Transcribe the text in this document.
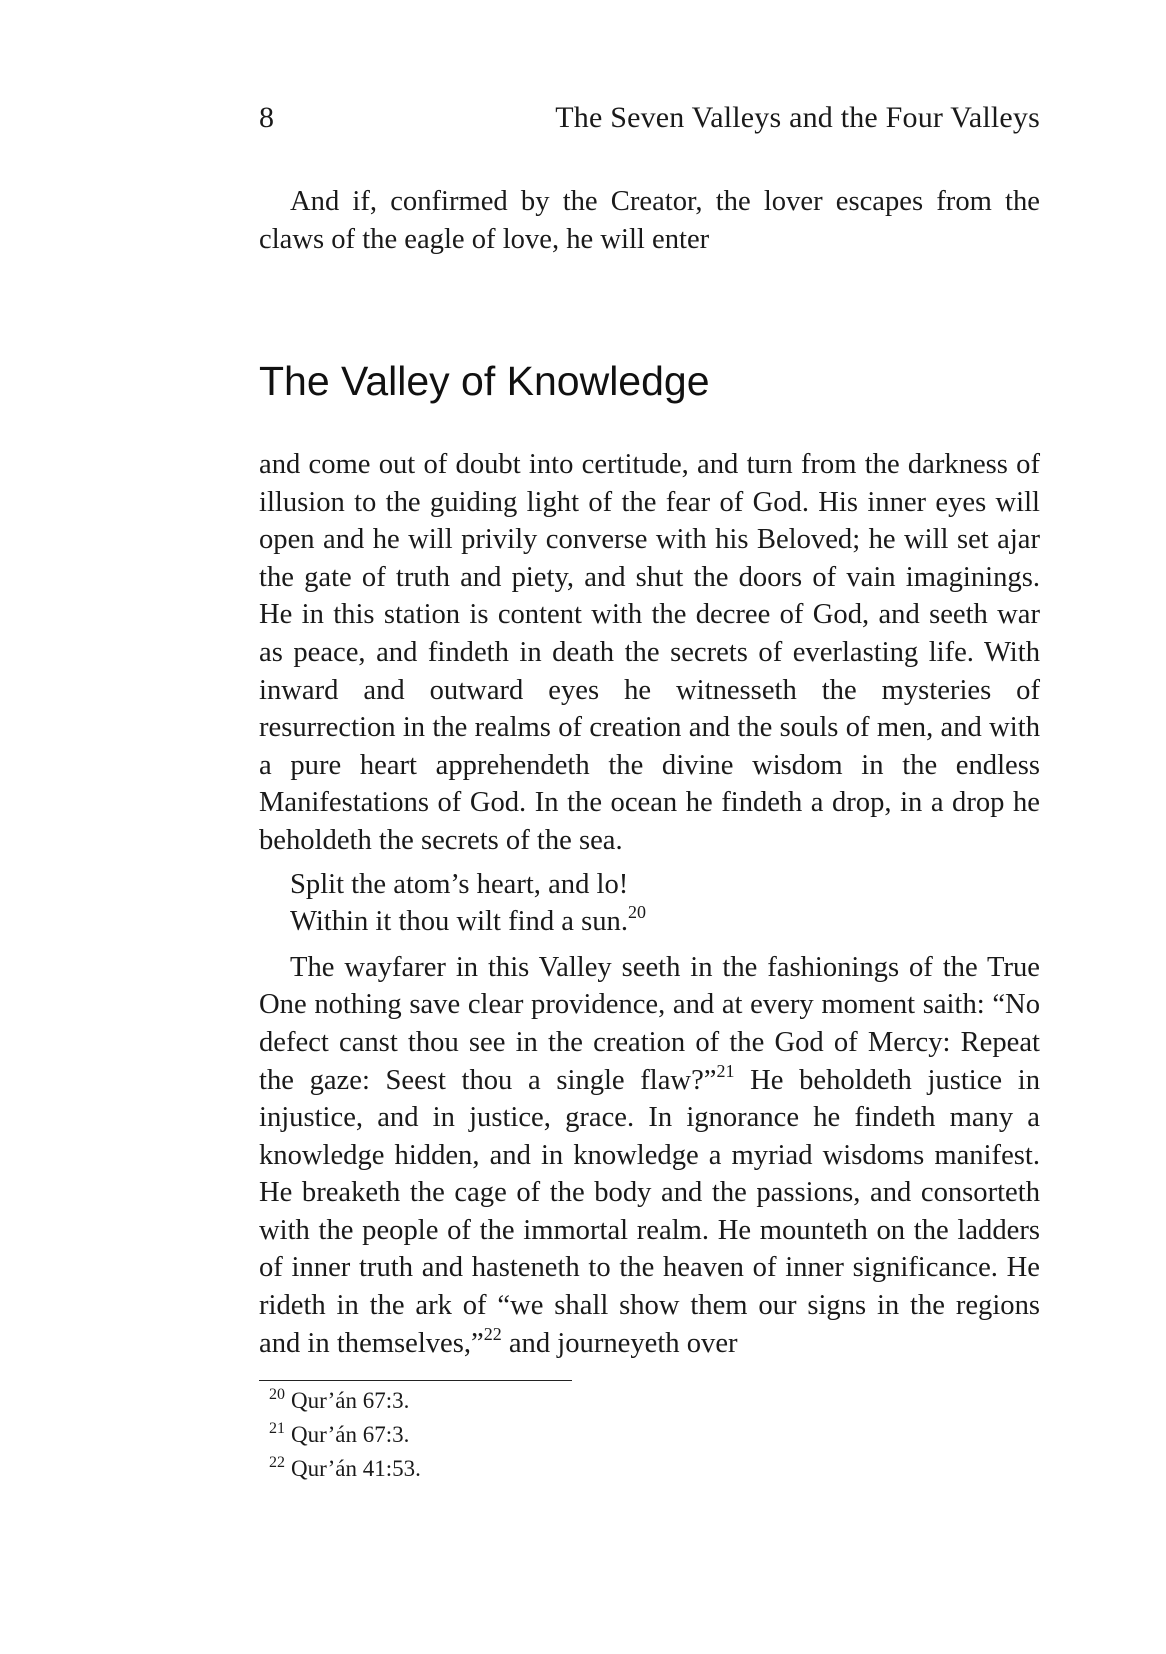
8	The Seven Valleys and the Four Valleys

And if, confirmed by the Creator, the lover escapes from the claws of the eagle of love, he will enter

The Valley of Knowledge

and come out of doubt into certitude, and turn from the darkness of illusion to the guiding light of the fear of God. His inner eyes will open and he will privily converse with his Beloved; he will set ajar the gate of truth and piety, and shut the doors of vain imaginings. He in this station is content with the decree of God, and seeth war as peace, and findeth in death the secrets of everlasting life. With inward and outward eyes he witnesseth the mysteries of resurrection in the realms of creation and the souls of men, and with a pure heart apprehendeth the divine wisdom in the endless Manifestations of God. In the ocean he findeth a drop, in a drop he beholdeth the secrets of the sea.

Split the atom’s heart, and lo!
Within it thou wilt find a sun.$^{20}$

The wayfarer in this Valley seeth in the fashionings of the True One nothing save clear providence, and at every moment saith: “No defect canst thou see in the creation of the God of Mercy: Repeat the gaze: Seest thou a single flaw?”$^{21}$ He beholdeth justice in injustice, and in justice, grace. In ignorance he findeth many a knowledge hidden, and in knowledge a myriad wisdoms manifest. He breaketh the cage of the body and the passions, and consorteth with the people of the immortal realm. He mounteth on the ladders of inner truth and hasteneth to the heaven of inner significance. He rideth in the ark of “we shall show them our signs in the regions and in themselves,”$^{22}$ and journeyeth over

$^{20}$ Qur’án 67:3.
$^{21}$ Qur’án 67:3.
$^{22}$ Qur’án 41:53.
